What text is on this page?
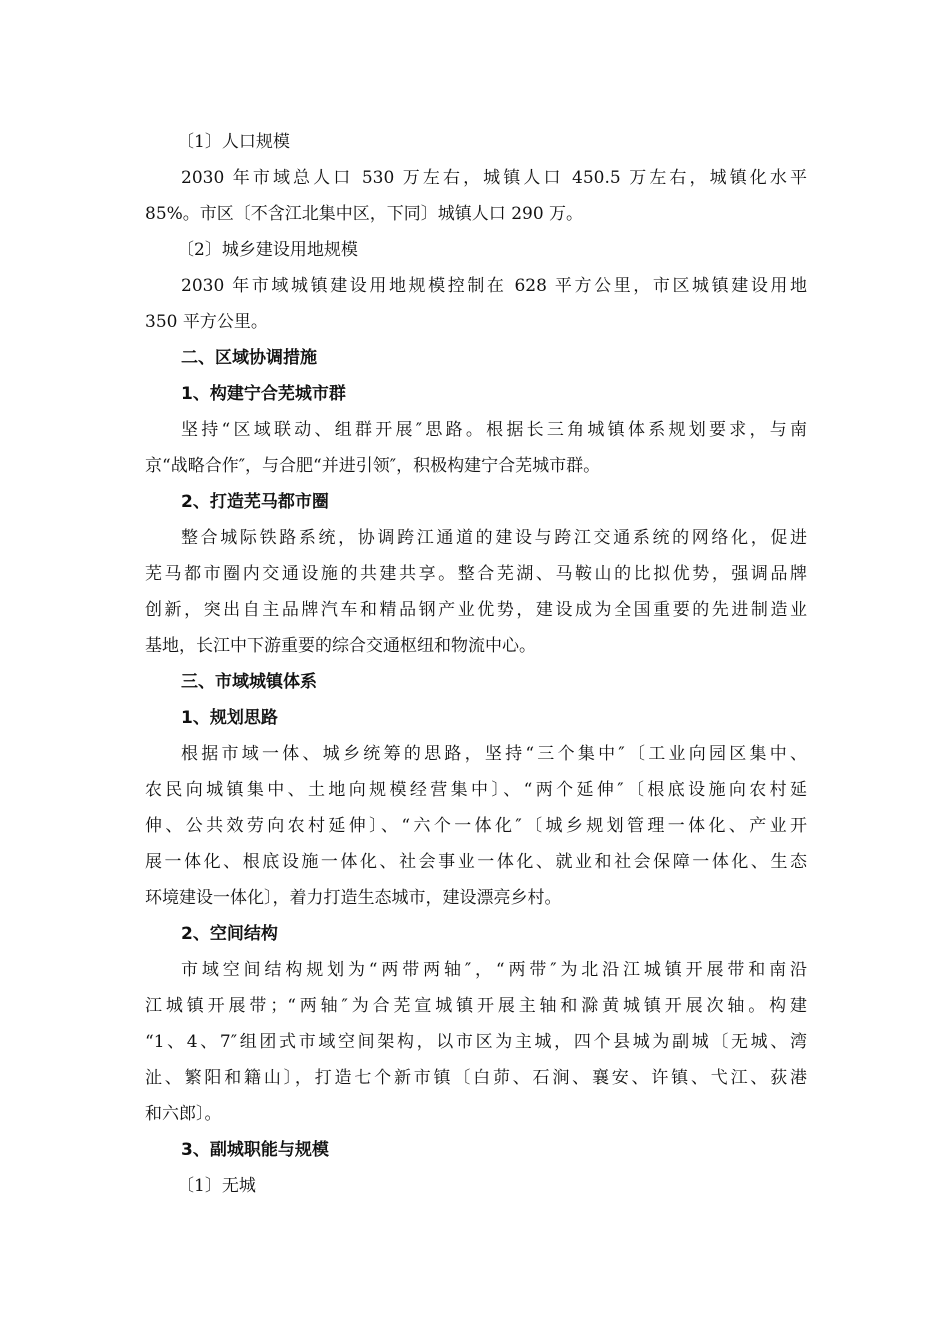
〔1〕人口规模
2030 年市域总人口 530 万左右，城镇人口 450.5 万左右，城镇化水平
85%。市区〔不含江北集中区，下同〕城镇人口 290 万。
〔2〕城乡建设用地规模
2030 年市域城镇建设用地规模控制在 628 平方公里，市区城镇建设用地
350 平方公里。
二、区域协调措施
1、构建宁合芜城市群
坚持“区域联动、组群开展″思路。根据长三角城镇体系规划要求，与南
京“战略合作″，与合肥“并进引领″，积极构建宁合芜城市群。
2、打造芜马都市圈
整合城际铁路系统，协调跨江通道的建设与跨江交通系统的网络化，促进
芜马都市圈内交通设施的共建共享。整合芜湖、马鞍山的比拟优势，强调品牌
创新，突出自主品牌汽车和精品钢产业优势，建设成为全国重要的先进制造业
基地，长江中下游重要的综合交通枢纽和物流中心。
三、市域城镇体系
1、规划思路
根据市域一体、城乡统筹的思路，坚持“三个集中″〔工业向园区集中、
农民向城镇集中、土地向规模经营集中〕、“两个延伸″〔根底设施向农村延
伸、公共效劳向农村延伸〕、“六个一体化″〔城乡规划管理一体化、产业开
展一体化、根底设施一体化、社会事业一体化、就业和社会保障一体化、生态
环境建设一体化〕，着力打造生态城市，建设漂亮乡村。
2、空间结构
市域空间结构规划为“两带两轴″，“两带″为北沿江城镇开展带和南沿
江城镇开展带；“两轴″为合芜宣城镇开展主轴和滁黄城镇开展次轴。构建
“1、4、7″组团式市域空间架构，以市区为主城，四个县城为副城〔无城、湾
沚、繁阳和籍山〕，打造七个新市镇〔白茆、石涧、襄安、许镇、弋江、荻港
和六郎〕。
3、副城职能与规模
〔1〕无城
